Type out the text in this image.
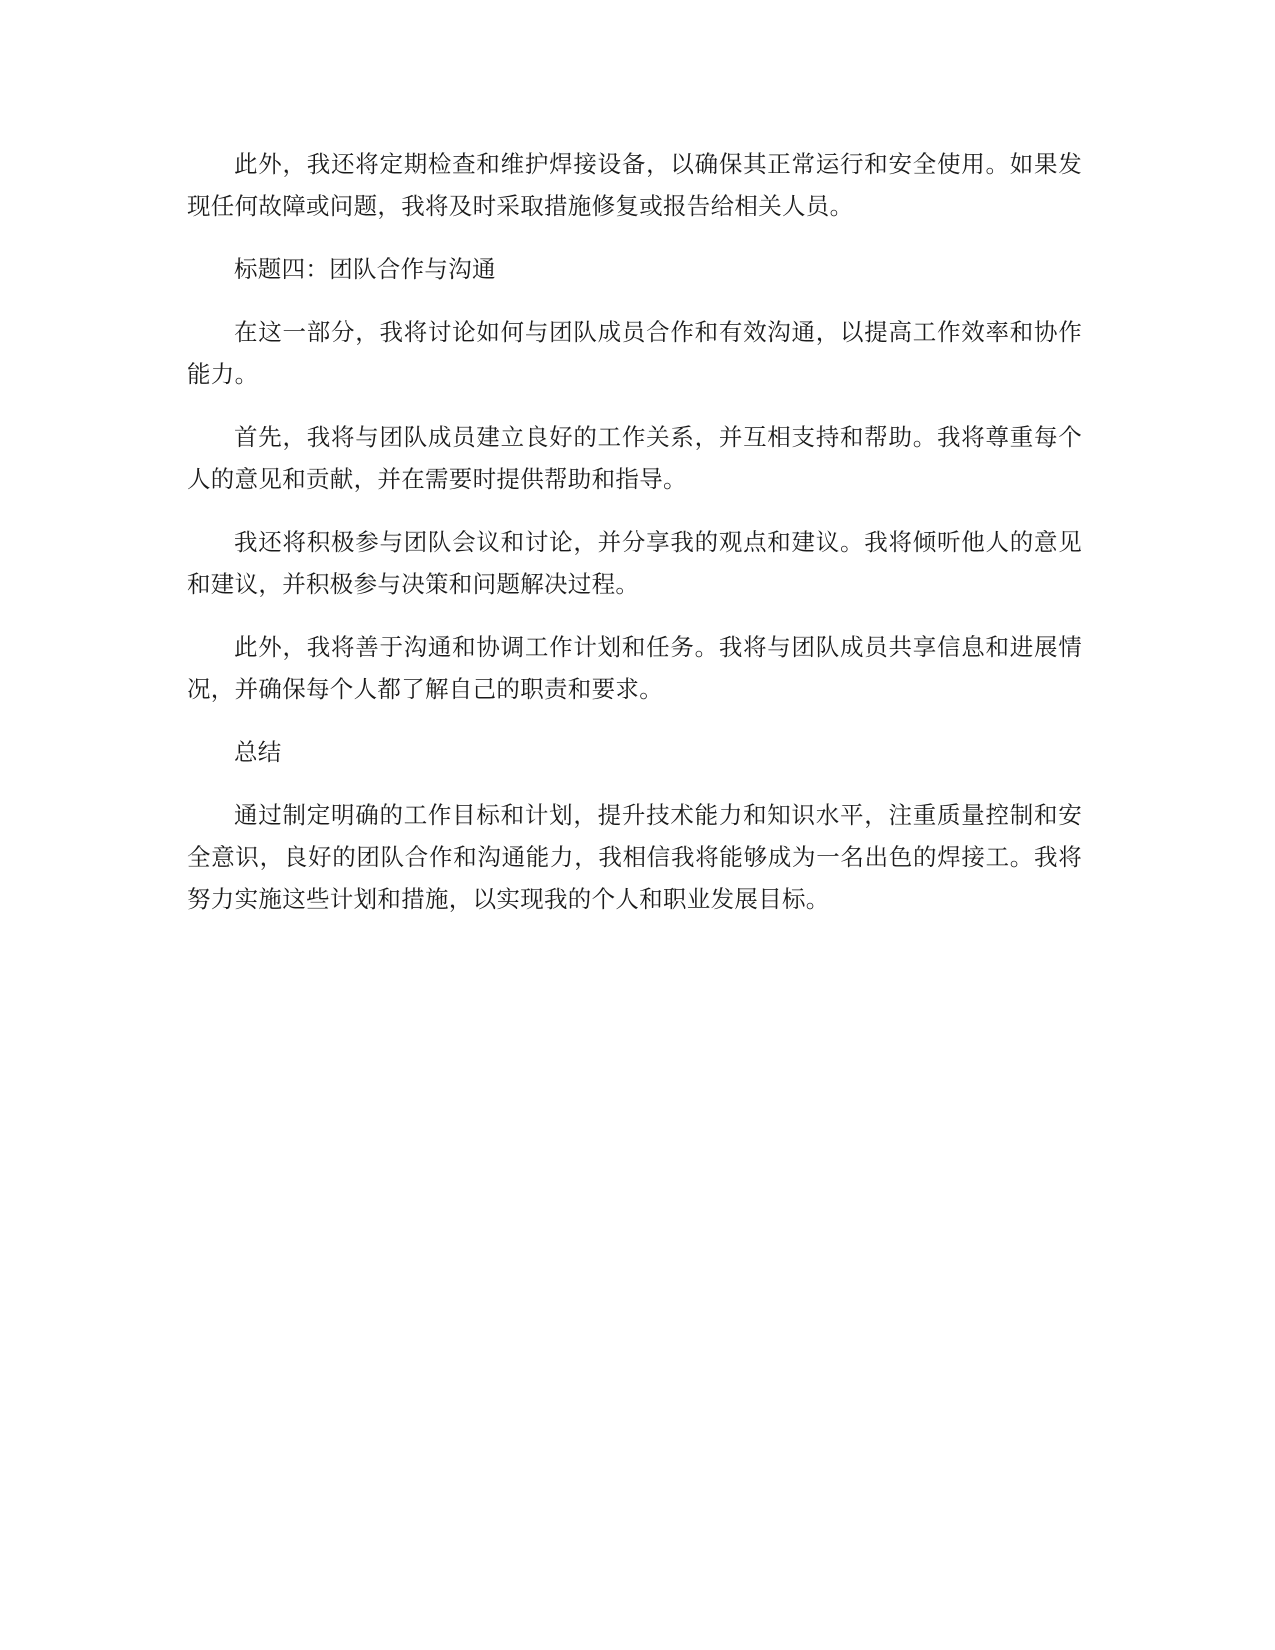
此外，我还将定期检查和维护焊接设备，以确保其正常运行和安全使用。如果发现任何故障或问题，我将及时采取措施修复或报告给相关人员。

标题四：团队合作与沟通

在这一部分，我将讨论如何与团队成员合作和有效沟通，以提高工作效率和协作能力。

首先，我将与团队成员建立良好的工作关系，并互相支持和帮助。我将尊重每个人的意见和贡献，并在需要时提供帮助和指导。

我还将积极参与团队会议和讨论，并分享我的观点和建议。我将倾听他人的意见和建议，并积极参与决策和问题解决过程。

此外，我将善于沟通和协调工作计划和任务。我将与团队成员共享信息和进展情况，并确保每个人都了解自己的职责和要求。

总结

通过制定明确的工作目标和计划，提升技术能力和知识水平，注重质量控制和安全意识，良好的团队合作和沟通能力，我相信我将能够成为一名出色的焊接工。我将努力实施这些计划和措施，以实现我的个人和职业发展目标。
